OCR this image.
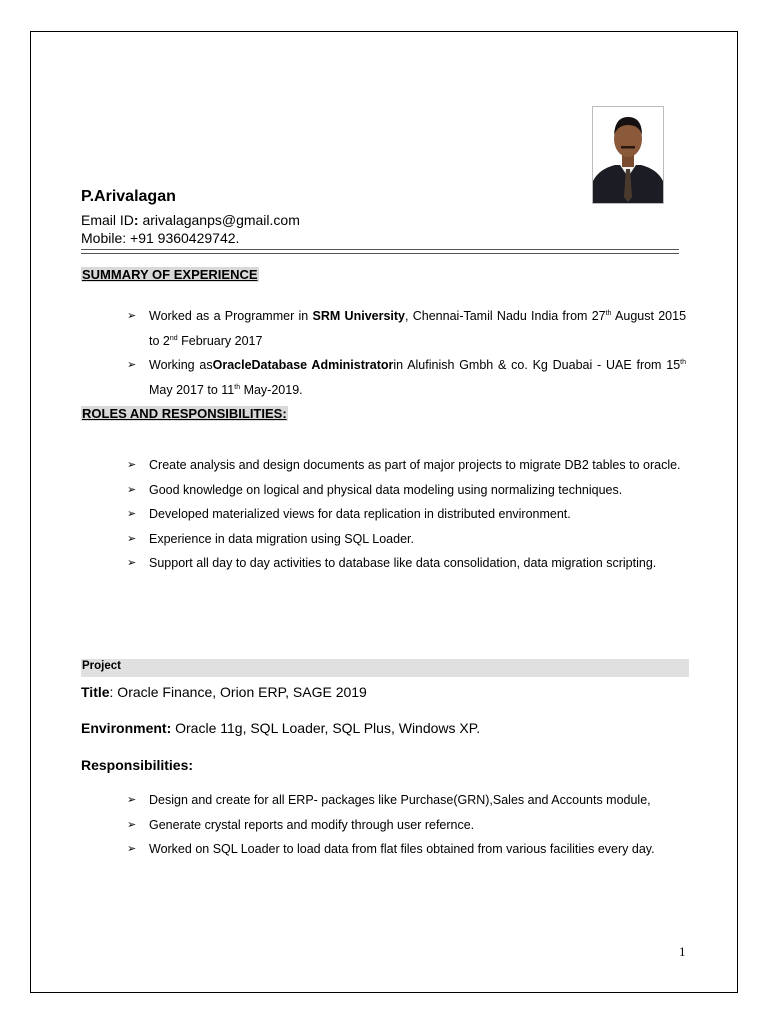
P.Arivalagan
Email ID: arivalaganps@gmail.com
Mobile: +91 9360429742.
SUMMARY OF EXPERIENCE
➢ Worked as a Programmer in SRM University, Chennai-Tamil Nadu India from 27th August 2015 to 2nd February 2017
➢ Working asOracleDatabase Administratorin Alufinish Gmbh & co. Kg Duabai - UAE from 15th May 2017 to 11th May-2019.
ROLES AND RESPONSIBILITIES:
➢ Create analysis and design documents as part of major projects to migrate DB2 tables to oracle.
➢ Good knowledge on logical and physical data modeling using normalizing techniques.
➢ Developed materialized views for data replication in distributed environment.
➢ Experience in data migration using SQL Loader.
➢ Support all day to day activities to database like data consolidation, data migration scripting.
Project
Title: Oracle Finance, Orion ERP, SAGE 2019
Environment: Oracle 11g, SQL Loader, SQL Plus, Windows XP.
Responsibilities:
➢ Design and create for all ERP- packages like Purchase(GRN),Sales and Accounts module,
➢ Generate crystal reports and modify through user refernce.
➢ Worked on SQL Loader to load data from flat files obtained from various facilities every day.
1
